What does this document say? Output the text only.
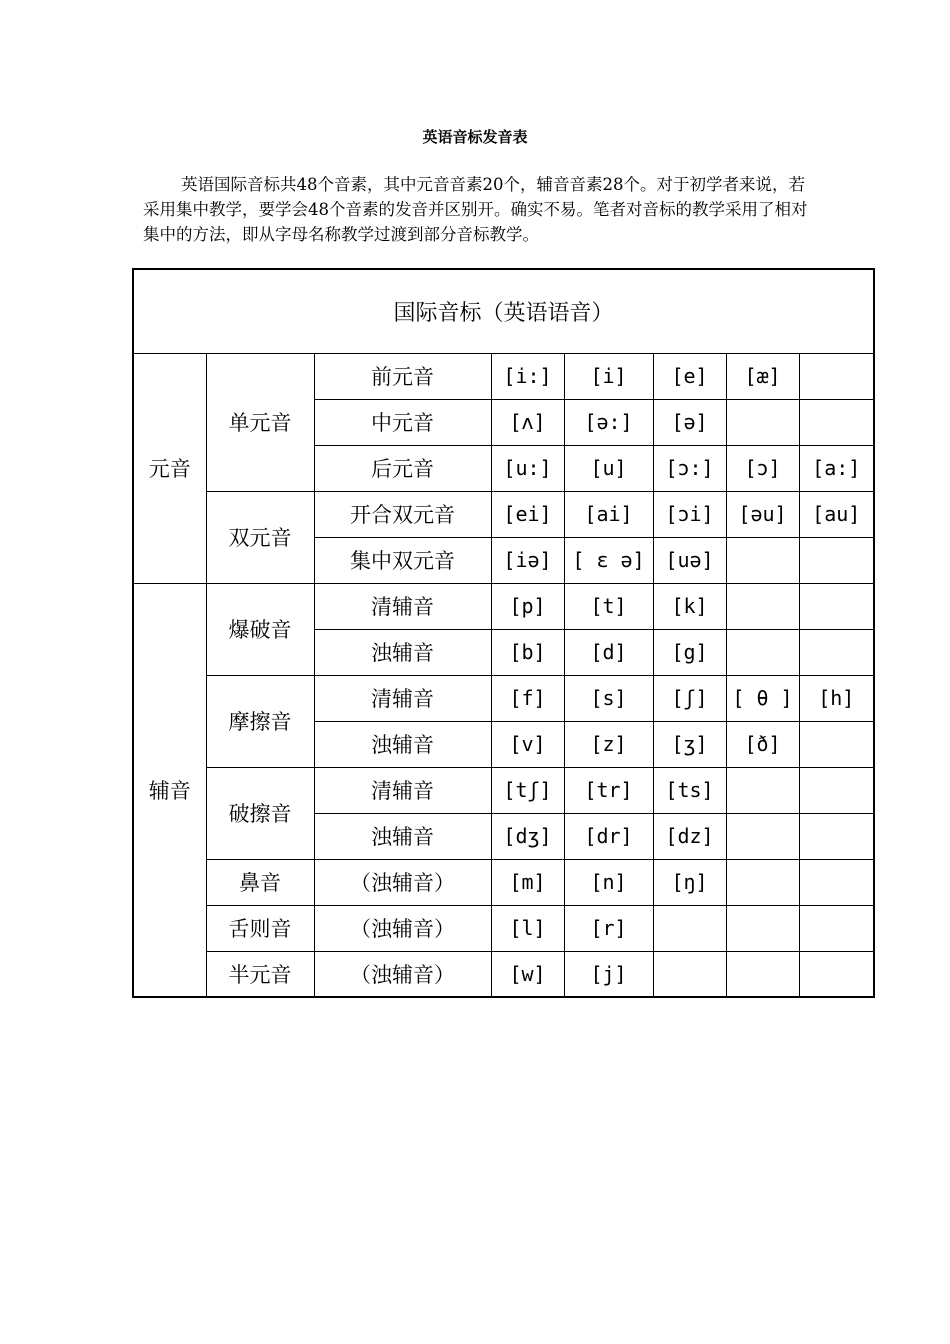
英语音标发音表

英语国际音标共48个音素，其中元音音素20个，辅音音素28个。对于初学者来说，若采用集中教学，要学会48个音素的发音并区别开。确实不易。笔者对音标的教学采用了相对集中的方法，即从字母名称教学过渡到部分音标教学。

国际音标（英语语音）							
元音	单元音	前元音	[i:]	[i]	[e]	[æ]	
		中元音	[ʌ]	[ə:]	[ə]		
		后元音	[u:]	[u]	[ɔ:]	[ɔ]	[a:]
	双元音	开合双元音	[ei]	[ai]	[ɔi]	[əu]	[au]
		集中双元音	[iə]	[ ɛ ə]	[uə]		
辅音	爆破音	清辅音	[p]	[t]	[k]		
		浊辅音	[b]	[d]	[g]		
	摩擦音	清辅音	[f]	[s]	[ʃ]	[ θ ]	[h]
		浊辅音	[v]	[z]	[ʒ]	[ð]	
	破擦音	清辅音	[tʃ]	[tr]	[ts]		
		浊辅音	[dʒ]	[dr]	[dz]		
	鼻音	（浊辅音）	[m]	[n]	[ŋ]		
	舌则音	（浊辅音）	[l]	[r]			
	半元音	（浊辅音）	[w]	[j]			
